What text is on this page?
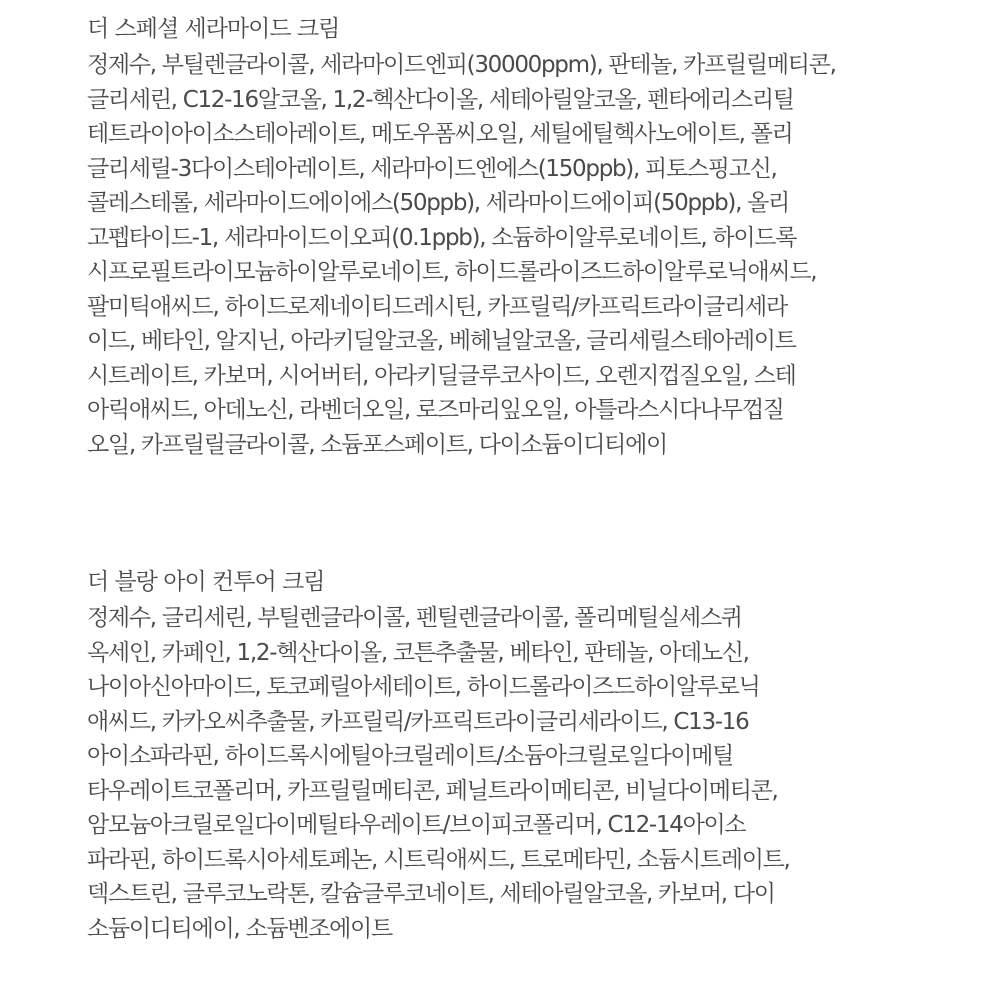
더 스페셜 세라마이드 크림
정제수, 부틸렌글라이콜, 세라마이드엔피(30000ppm), 판테놀, 카프릴릴메티콘,
글리세린, C12-16알코올, 1,2-헥산다이올, 세테아릴알코올, 펜타에리스리틸
테트라이아이소스테아레이트, 메도우폼씨오일, 세틸에틸헥사노에이트, 폴리
글리세릴-3다이스테아레이트, 세라마이드엔에스(150ppb), 피토스핑고신,
콜레스테롤, 세라마이드에이에스(50ppb), 세라마이드에이피(50ppb), 올리
고펩타이드-1, 세라마이드이오피(0.1ppb), 소듐하이알루로네이트, 하이드록
시프로필트라이모늄하이알루로네이트, 하이드롤라이즈드하이알루로닉애씨드,
팔미틱애씨드, 하이드로제네이티드레시틴, 카프릴릭/카프릭트라이글리세라
이드, 베타인, 알지닌, 아라키딜알코올, 베헤닐알코올, 글리세릴스테아레이트
시트레이트, 카보머, 시어버터, 아라키딜글루코사이드, 오렌지껍질오일, 스테
아릭애씨드, 아데노신, 라벤더오일, 로즈마리잎오일, 아틀라스시다나무껍질
오일, 카프릴릴글라이콜, 소듐포스페이트, 다이소듐이디티에이
더 블랑 아이 컨투어 크림
정제수, 글리세린, 부틸렌글라이콜, 펜틸렌글라이콜, 폴리메틸실세스퀴
옥세인, 카페인, 1,2-헥산다이올, 코튼추출물, 베타인, 판테놀, 아데노신,
나이아신아마이드, 토코페릴아세테이트, 하이드롤라이즈드하이알루로닉
애씨드, 카카오씨추출물, 카프릴릭/카프릭트라이글리세라이드, C13-16
아이소파라핀, 하이드록시에틸아크릴레이트/소듐아크릴로일다이메틸
타우레이트코폴리머, 카프릴릴메티콘, 페닐트라이메티콘, 비닐다이메티콘,
암모늄아크릴로일다이메틸타우레이트/브이피코폴리머, C12-14아이소
파라핀, 하이드록시아세토페논, 시트릭애씨드, 트로메타민, 소듐시트레이트,
덱스트린, 글루코노락톤, 칼슘글루코네이트, 세테아릴알코올, 카보머, 다이
소듐이디티에이, 소듐벤조에이트
